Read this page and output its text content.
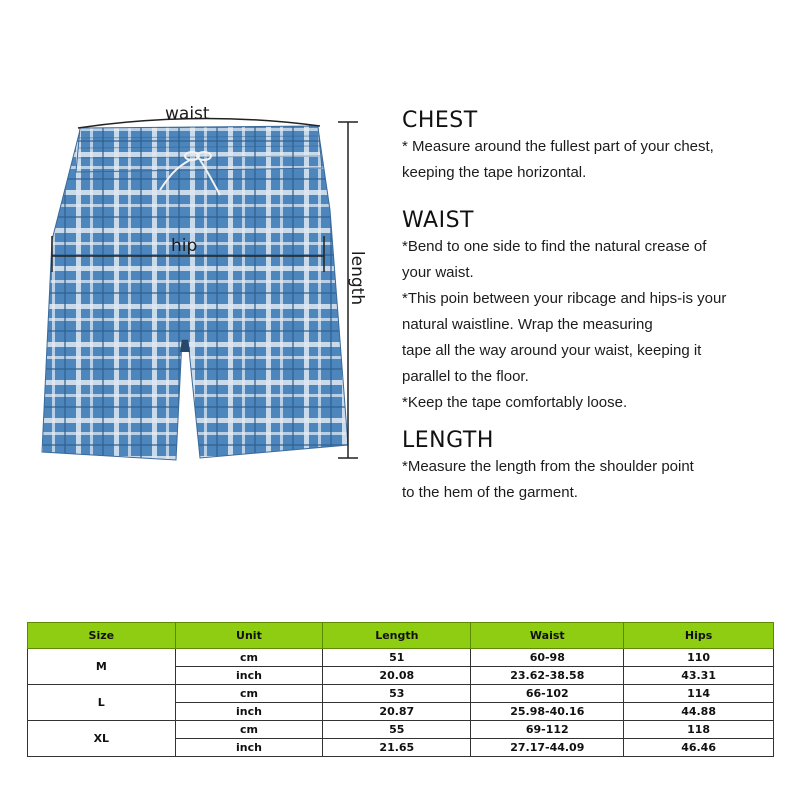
waist
hip
length
CHEST

* Measure around the fullest part of your chest,

keeping the tape horizontal.

WAIST

*Bend to one side to find the natural crease of

your waist.

*This poin between your ribcage and hips-is your

natural waistline. Wrap the measuring

tape all the way around your waist, keeping it

parallel to the floor.

*Keep the tape comfortably loose.

LENGTH

*Measure the length from the shoulder point

to the hem of the garment.

Size	Unit	Length	Waist	Hips
M	cm	51	60-98	110
	inch	20.08	23.62-38.58	43.31
L	cm	53	66-102	114
	inch	20.87	25.98-40.16	44.88
XL	cm	55	69-112	118
	inch	21.65	27.17-44.09	46.46
